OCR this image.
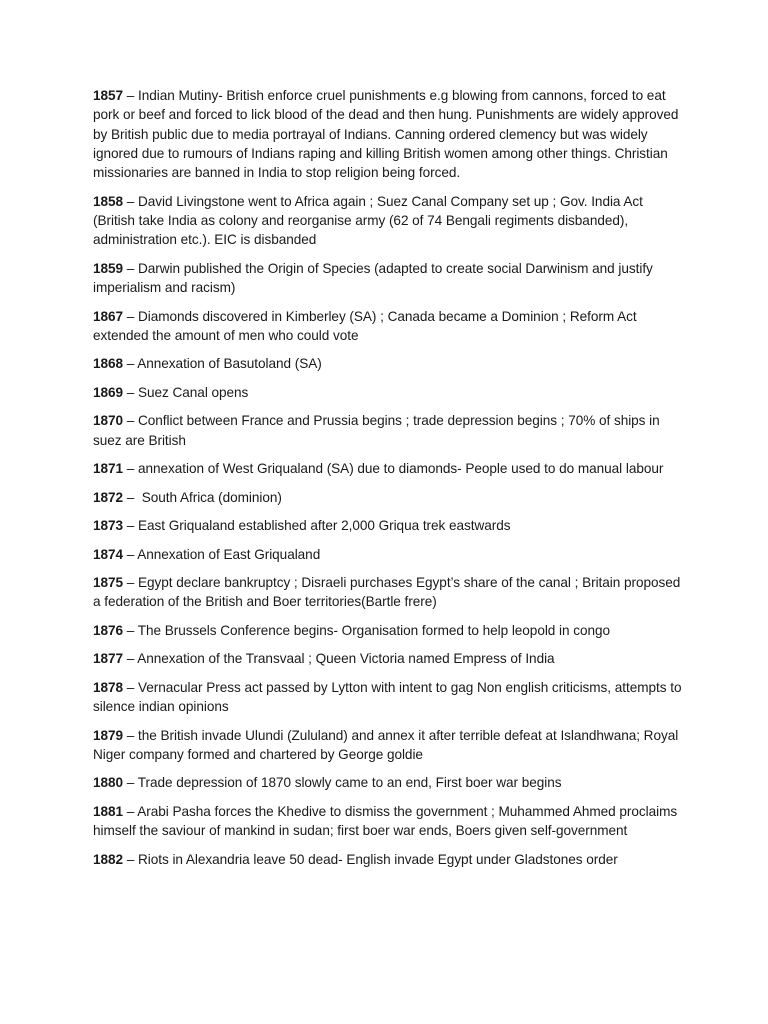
1857 – Indian Mutiny- British enforce cruel punishments e.g blowing from cannons, forced to eat pork or beef and forced to lick blood of the dead and then hung. Punishments are widely approved by British public due to media portrayal of Indians. Canning ordered clemency but was widely ignored due to rumours of Indians raping and killing British women among other things. Christian missionaries are banned in India to stop religion being forced.

1858 – David Livingstone went to Africa again ; Suez Canal Company set up ; Gov. India Act (British take India as colony and reorganise army (62 of 74 Bengali regiments disbanded), administration etc.). EIC is disbanded

1859 – Darwin published the Origin of Species (adapted to create social Darwinism and justify imperialism and racism)

1867 – Diamonds discovered in Kimberley (SA) ; Canada became a Dominion ; Reform Act extended the amount of men who could vote

1868 – Annexation of Basutoland (SA)

1869 – Suez Canal opens

1870 – Conflict between France and Prussia begins ; trade depression begins ; 70% of ships in suez are British

1871 – annexation of West Griqualand (SA) due to diamonds- People used to do manual labour

1872 –  South Africa (dominion)

1873 – East Griqualand established after 2,000 Griqua trek eastwards

1874 – Annexation of East Griqualand

1875 – Egypt declare bankruptcy ; Disraeli purchases Egypt’s share of the canal ; Britain proposed a federation of the British and Boer territories(Bartle frere)

1876 – The Brussels Conference begins- Organisation formed to help leopold in congo

1877 – Annexation of the Transvaal ; Queen Victoria named Empress of India

1878 – Vernacular Press act passed by Lytton with intent to gag Non english criticisms, attempts to silence indian opinions

1879 – the British invade Ulundi (Zululand) and annex it after terrible defeat at Islandhwana; Royal Niger company formed and chartered by George goldie

1880 – Trade depression of 1870 slowly came to an end, First boer war begins

1881 – Arabi Pasha forces the Khedive to dismiss the government ; Muhammed Ahmed proclaims himself the saviour of mankind in sudan; first boer war ends, Boers given self-government

1882 – Riots in Alexandria leave 50 dead- English invade Egypt under Gladstones order
